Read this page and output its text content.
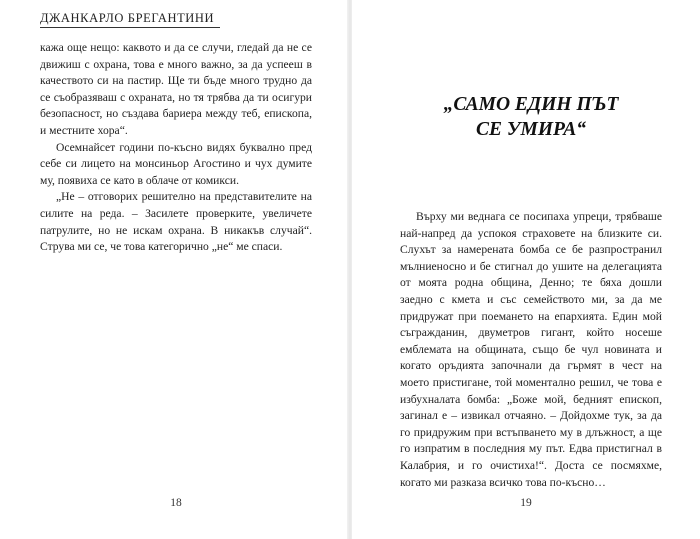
ДЖАНКАРЛО БРЕГАНТИНИ

кажа още нещо: каквото и да се случи, гледай да не се движиш с охрана, това е много важно, за да успееш в качеството си на пастир. Ще ти бъде много трудно да се съобразяваш с охраната, но тя трябва да ти осигури безопасност, но създава бариера между теб, епископа, и местните хора“.

Осемнайсет години по-късно видях буквално пред себе си лицето на монсиньор Агостино и чух думите му, появиха се като в облаче от комикси.

„Не – отговорих решително на представителите на силите на реда. – Засилете проверките, увеличете патрулите, но не искам охрана. В никакъв случай“. Струва ми се, че това категорично „не“ ме спаси.

18
„САМО ЕДИН ПЪТ
СЕ УМИРА“

Върху ми веднага се посипаха упреци, трябваше най-напред да успокоя страховете на близките си. Слухът за намерената бомба се бе разпространил мълниеносно и бе стигнал до ушите на делегацията от моята родна община, Денно; те бяха дошли заедно с кмета и със семейството ми, за да ме придружат при поемането на епархията. Един мой съгражданин, двуметров гигант, който носеше емблемата на общината, също бе чул новината и когато оръдията започнали да гърмят в чест на моето пристигане, той моментално решил, че това е избухналата бомба: „Боже мой, бедният епископ, загинал е – извикал отчаяно. – Дойдохме тук, за да го придружим при встъпването му в длъжност, а ще го изпратим в последния му път. Едва пристигнал в Калабрия, и го очистиха!“. Доста се посмяхме, когато ми разказа всичко това по-късно…

19
